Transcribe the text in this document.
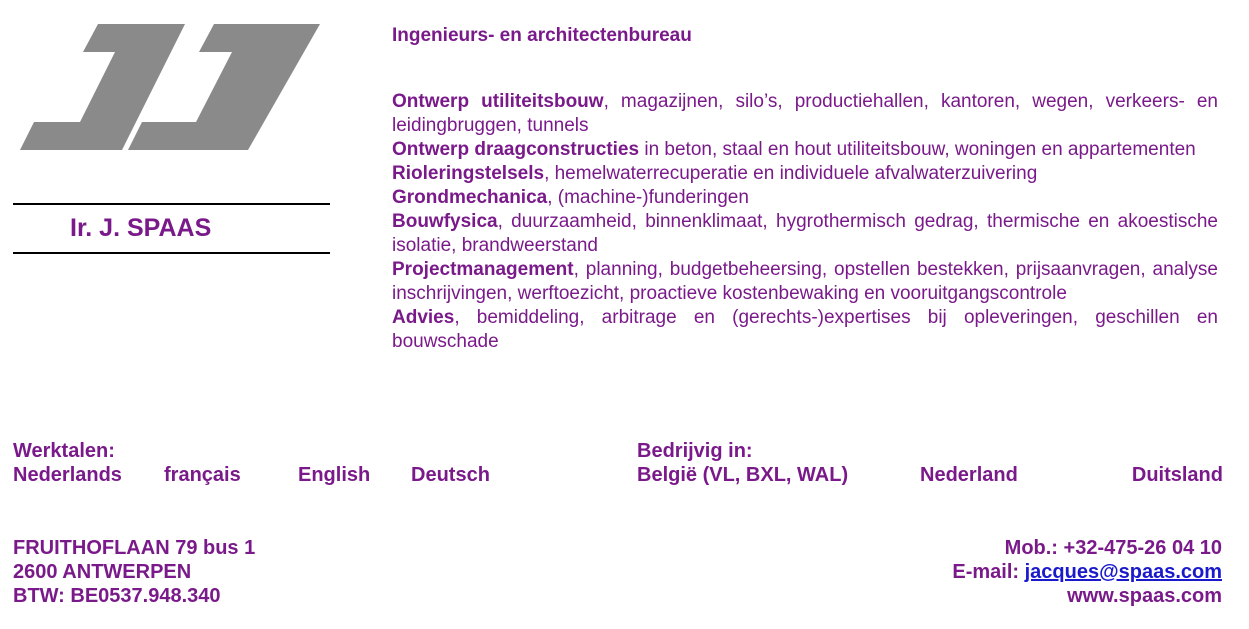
Ir. J. SPAAS

Ingenieurs- en architectenbureau

Ontwerp utiliteitsbouw, magazijnen, silo’s, productiehallen, kantoren, wegen, verkeers- en leidingbruggen, tunnels

Ontwerp draagconstructies in beton, staal en hout utiliteitsbouw, woningen en appartementen

Rioleringstelsels, hemelwaterrecuperatie en individuele afvalwaterzuivering

Grondmechanica, (machine-)funderingen

Bouwfysica, duurzaamheid, binnenklimaat, hygrothermisch gedrag, thermische en akoestische isolatie, brandweerstand

Projectmanagement, planning, budgetbeheersing, opstellen bestekken, prijsaanvragen, analyse inschrijvingen, werftoezicht, proactieve kostenbewaking en vooruitgangscontrole

Advies, bemiddeling, arbitrage en (gerechts-)expertises bij opleveringen, geschillen en bouwschade

Werktalen:
Nederlands français	English Deutsch
Bedrijvig in:
België (VL, BXL, WAL)	Nederland	Duitsland
FRUITHOFLAAN 79 bus 1
2600 ANTWERPEN
BTW: BE0537.948.340
Mob.: +32-475-26 04 10
E-mail: jacques@spaas.com
www.spaas.com
